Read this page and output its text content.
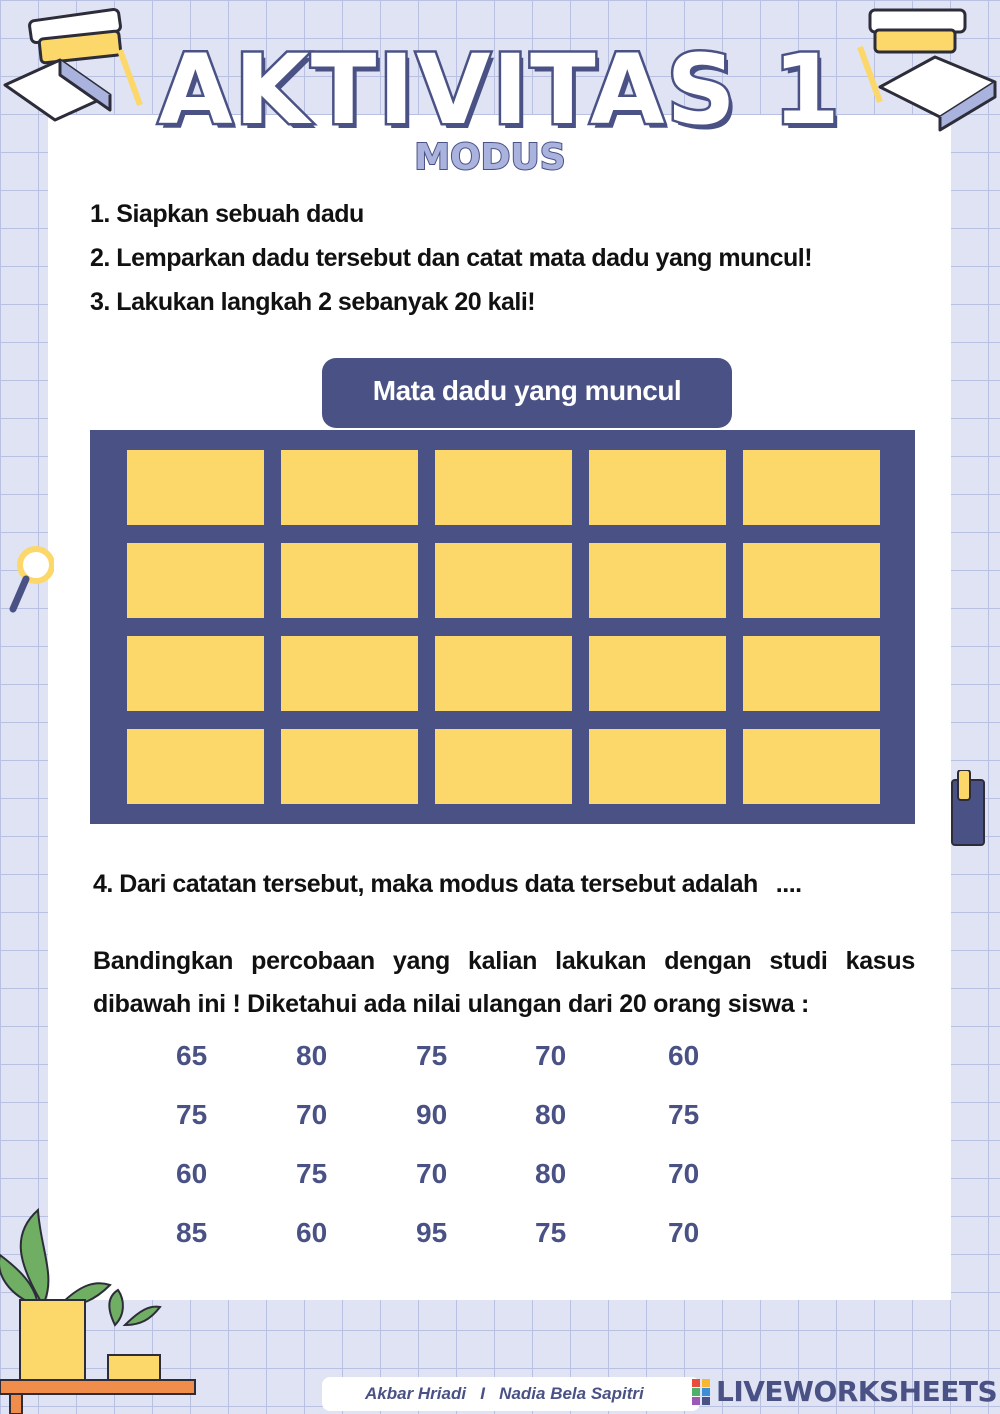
AKTIVITAS 1
MODUS
1. Siapkan sebuah dadu
2. Lemparkan dadu tersebut dan catat mata dadu yang muncul!
3. Lakukan langkah 2 sebanyak 20 kali!
Mata dadu yang muncul
4. Dari catatan tersebut, maka modus data tersebut adalah ....
Bandingkan percobaan yang kalian lakukan dengan studi kasus dibawah ini ! Diketahui ada nilai ulangan dari 20 orang siswa :
65	80	75	70	60
75	70	90	80	75
60	75	70	80	70
85	60	95	75	70
Akbar Hriadi I Nadia Bela Sapitri	LIVEWORKSHEETS
